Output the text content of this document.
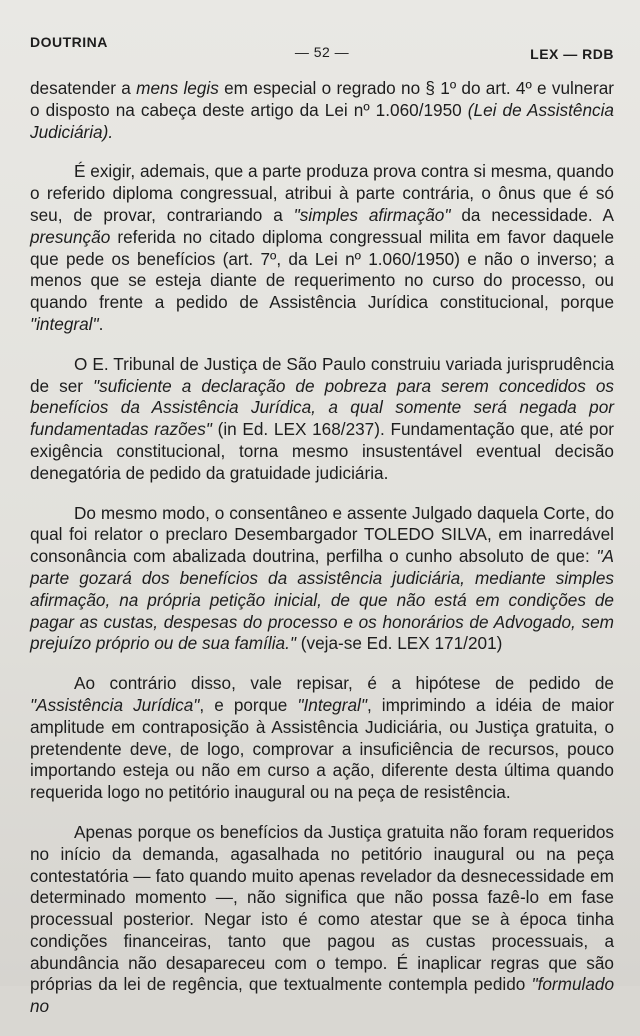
DOUTRINA
— 52 —	LEX — RDB

desatender a mens legis em especial o regrado no § 1º do art. 4º e vulnerar o disposto na cabeça deste artigo da Lei nº 1.060/1950 (Lei de Assistência Judiciária).

É exigir, ademais, que a parte produza prova contra si mesma, quando o referido diploma congressual, atribui à parte contrária, o ônus que é só seu, de provar, contrariando a "simples afirmação" da necessidade. A presunção referida no citado diploma congressual milita em favor daquele que pede os benefícios (art. 7º, da Lei nº 1.060/1950) e não o inverso; a menos que se esteja diante de requerimento no curso do processo, ou quando frente a pedido de Assistência Jurídica constitucional, porque "integral".

O E. Tribunal de Justiça de São Paulo construiu variada jurisprudência de ser "suficiente a declaração de pobreza para serem concedidos os benefícios da Assistência Jurídica, a qual somente será negada por fundamentadas razões" (in Ed. LEX 168/237). Fundamentação que, até por exigência constitucional, torna mesmo insustentável eventual decisão denegatória de pedido da gratuidade judiciária.

Do mesmo modo, o consentâneo e assente Julgado daquela Corte, do qual foi relator o preclaro Desembargador TOLEDO SILVA, em inarredável consonância com abalizada doutrina, perfilha o cunho absoluto de que: "A parte gozará dos benefícios da assistência judiciária, mediante simples afirmação, na própria petição inicial, de que não está em condições de pagar as custas, despesas do processo e os honorários de Advogado, sem prejuízo próprio ou de sua família." (veja-se Ed. LEX 171/201)

Ao contrário disso, vale repisar, é a hipótese de pedido de "Assistência Jurídica", e porque "Integral", imprimindo a idéia de maior amplitude em contraposição à Assistência Judiciária, ou Justiça gratuita, o pretendente deve, de logo, comprovar a insuficiência de recursos, pouco importando esteja ou não em curso a ação, diferente desta última quando requerida logo no petitório inaugural ou na peça de resistência.

Apenas porque os benefícios da Justiça gratuita não foram requeridos no início da demanda, agasalhada no petitório inaugural ou na peça contestatória — fato quando muito apenas revelador da desnecessidade em determinado momento —, não significa que não possa fazê-lo em fase processual posterior. Negar isto é como atestar que se à época tinha condições financeiras, tanto que pagou as custas processuais, a abundância não desapareceu com o tempo. É inaplicar regras que são próprias da lei de regência, que textualmente contempla pedido "formulado no
